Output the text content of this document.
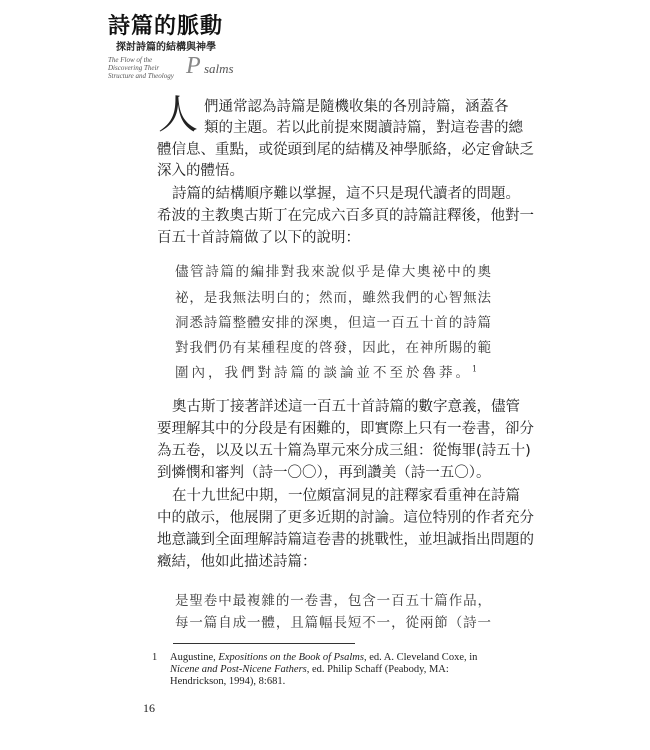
詩篇的脈動
探討詩篇的結構與神學
The Flow of the
Discovering Their
Structure and Theology P salms
人 們通常認為詩篇是隨機收集的各別詩篇，涵蓋各
類的主題。若以此前提來閱讀詩篇，對這卷書的總
體信息、重點，或從頭到尾的結構及神學脈絡，必定會缺乏
深入的體悟。
詩篇的結構順序難以掌握，這不只是現代讀者的問題。
希波的主教奧古斯丁在完成六百多頁的詩篇註釋後，他對一
百五十首詩篇做了以下的說明：
儘管詩篇的編排對我來說似乎是偉大奧祕中的奧
祕，是我無法明白的；然而，雖然我們的心智無法
洞悉詩篇整體安排的深奧，但這一百五十首的詩篇
對我們仍有某種程度的啓發，因此，在神所賜的範
圍內，我們對詩篇的談論並不至於魯莽。$^1$
奧古斯丁接著詳述這一百五十首詩篇的數字意義，儘管
要理解其中的分段是有困難的，即實際上只有一卷書，卻分
為五卷，以及以五十篇為單元來分成三組：從悔罪(詩五十)
到憐憫和審判（詩一〇〇），再到讚美（詩一五〇）。
在十九世紀中期，一位頗富洞見的註釋家看重神在詩篇
中的啟示，他展開了更多近期的討論。這位特別的作者充分
地意識到全面理解詩篇這卷書的挑戰性，並坦誠指出問題的
癥結，他如此描述詩篇：
是聖卷中最複雜的一卷書，包含一百五十篇作品，
每一篇自成一體，且篇幅長短不一，從兩節（詩一
1 Augustine, Expositions on the Book of Psalms, ed. A. Cleveland Coxe, in Nicene and Post-Nicene Fathers, ed. Philip Schaff (Peabody, MA: Hendrickson, 1994), 8:681.
16
